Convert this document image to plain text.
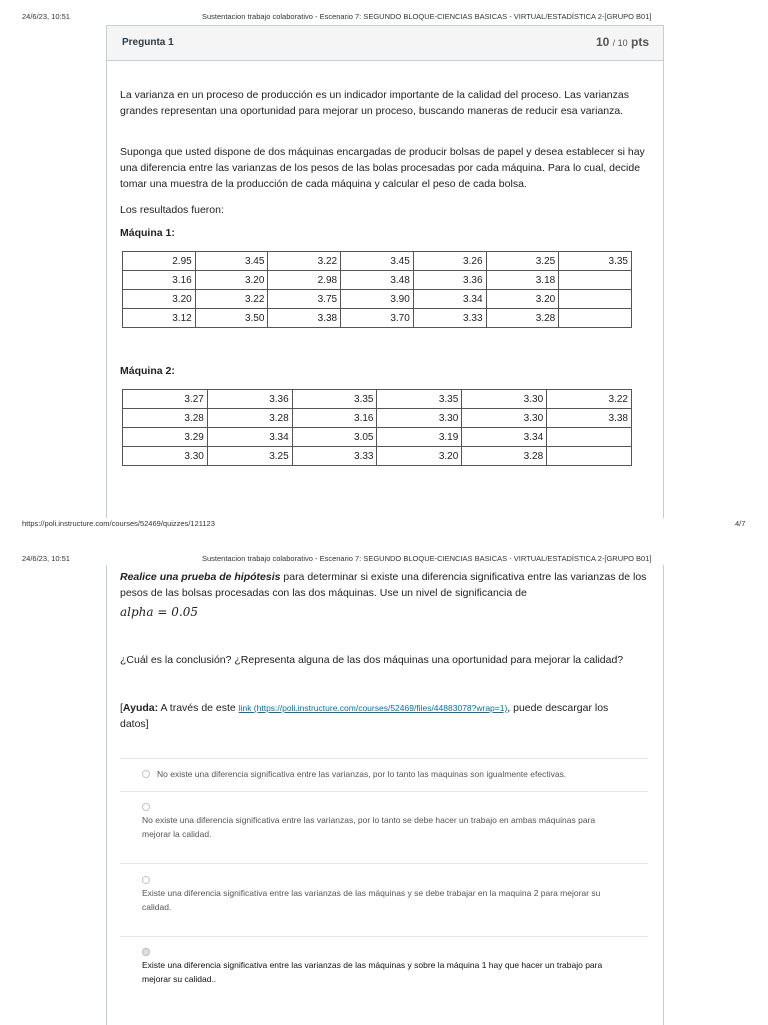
24/6/23, 10:51	Sustentacion trabajo colaborativo - Escenario 7: SEGUNDO BLOQUE-CIENCIAS BASICAS - VIRTUAL/ESTADÍSTICA 2-[GRUPO B01]
Pregunta 1	10 / 10 pts
La varianza en un proceso de producción es un indicador importante de la calidad del proceso. Las varianzas grandes representan una oportunidad para mejorar un proceso, buscando maneras de reducir esa varianza.
Suponga que usted dispone de dos máquinas encargadas de producir bolsas de papel y desea establecer si hay una diferencia entre las varianzas de los pesos de las bolas procesadas por cada máquina. Para lo cual, decide tomar una muestra de la producción de cada máquina y calcular el peso de cada bolsa.
Los resultados fueron:
Máquina 1:
2.95	3.45	3.22	3.45	3.26	3.25	3.35
3.16	3.20	2.98	3.48	3.36	3.18	
3.20	3.22	3.75	3.90	3.34	3.20	
3.12	3.50	3.38	3.70	3.33	3.28	
Máquina 2:
3.27	3.36	3.35	3.35	3.30	3.22
3.28	3.28	3.16	3.30	3.30	3.38
3.29	3.34	3.05	3.19	3.34	
3.30	3.25	3.33	3.20	3.28	
https://poli.instructure.com/courses/52469/quizzes/121123	4/7
24/6/23, 10:51	Sustentacion trabajo colaborativo - Escenario 7: SEGUNDO BLOQUE-CIENCIAS BASICAS - VIRTUAL/ESTADÍSTICA 2-[GRUPO B01]
Realice una prueba de hipótesis para determinar si existe una diferencia significativa entre las varianzas de los pesos de las bolsas procesadas con las dos máquinas. Use un nivel de significancia de
alpha = 0.05
¿Cuál es la conclusión? ¿Representa alguna de las dos máquinas una oportunidad para mejorar la calidad?
[Ayuda: A través de este link (https://poli.instructure.com/courses/52469/files/44883078?wrap=1), puede descargar los
datos]
No existe una diferencia significativa entre las varianzas, por lo tanto las maquinas son igualmente efectivas.
No existe una diferencia significativa entre las varianzas, por lo tanto se debe hacer un trabajo en ambas máquinas para mejorar la calidad.
Existe una diferencia significativa entre las varianzas de las máquinas y se debe trabajar en la maquina 2 para mejorar su calidad.
Existe una diferencia significativa entre las varianzas de las máquinas y sobre la máquina 1 hay que hacer un trabajo para mejorar su calidad..
